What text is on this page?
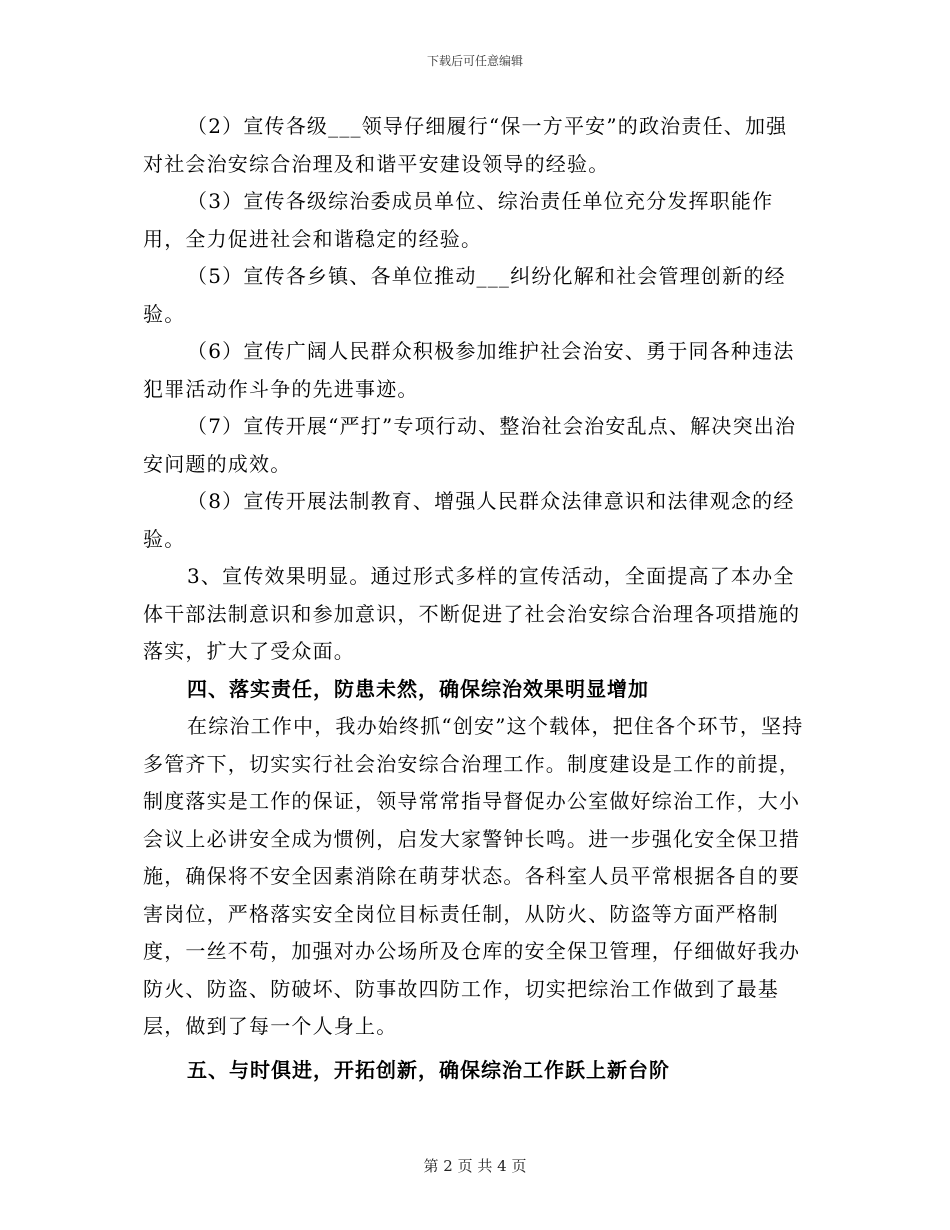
下载后可任意编辑

（2）宣传各级___领导仔细履行“保一方平安”的政治责任、加强对社会治安综合治理及和谐平安建设领导的经验。

（3）宣传各级综治委成员单位、综治责任单位充分发挥职能作用，全力促进社会和谐稳定的经验。

（5）宣传各乡镇、各单位推动___纠纷化解和社会管理创新的经验。

（6）宣传广阔人民群众积极参加维护社会治安、勇于同各种违法犯罪活动作斗争的先进事迹。

（7）宣传开展“严打”专项行动、整治社会治安乱点、解决突出治安问题的成效。

（8）宣传开展法制教育、增强人民群众法律意识和法律观念的经验。

3、宣传效果明显。通过形式多样的宣传活动，全面提高了本办全体干部法制意识和参加意识，不断促进了社会治安综合治理各项措施的落实，扩大了受众面。

四、落实责任，防患未然，确保综治效果明显增加

在综治工作中，我办始终抓“创安”这个载体，把住各个环节，坚持多管齐下，切实实行社会治安综合治理工作。制度建设是工作的前提，制度落实是工作的保证，领导常常指导督促办公室做好综治工作，大小会议上必讲安全成为惯例，启发大家警钟长鸣。进一步强化安全保卫措施，确保将不安全因素消除在萌芽状态。各科室人员平常根据各自的要害岗位，严格落实安全岗位目标责任制，从防火、防盗等方面严格制度，一丝不苟，加强对办公场所及仓库的安全保卫管理，仔细做好我办防火、防盗、防破坏、防事故四防工作，切实把综治工作做到了最基层，做到了每一个人身上。

五、与时俱进，开拓创新，确保综治工作跃上新台阶

第 2 页 共 4 页
